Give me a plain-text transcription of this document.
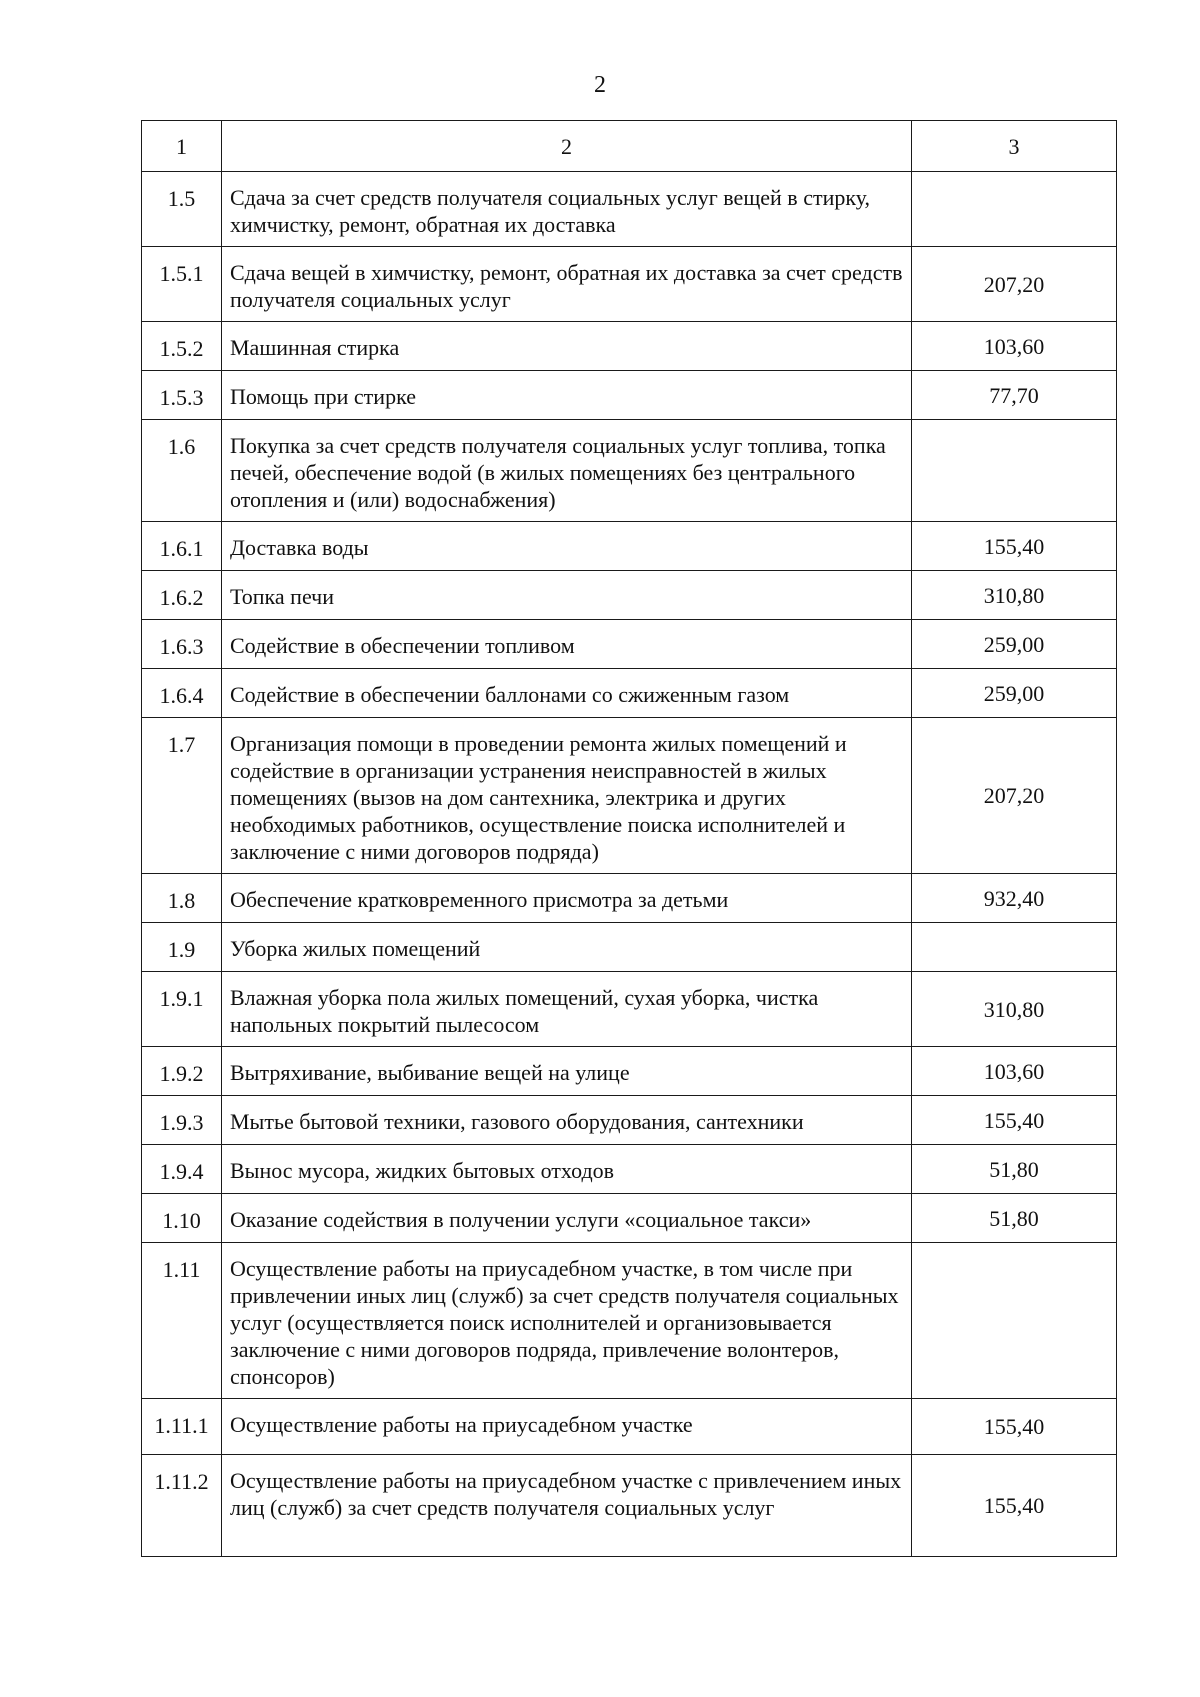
2
1	2	3
1.5	Сдача за счет средств получателя социальных услуг вещей в стирку, химчистку, ремонт, обратная их доставка	
1.5.1	Сдача вещей в химчистку, ремонт, обратная их доставка за счет средств получателя социальных услуг	207,20
1.5.2	Машинная стирка	103,60
1.5.3	Помощь при стирке	77,70
1.6	Покупка за счет средств получателя социальных услуг топлива, топка печей, обеспечение водой (в жилых помещениях без центрального отопления и (или) водоснабжения)	
1.6.1	Доставка воды	155,40
1.6.2	Топка печи	310,80
1.6.3	Содействие в обеспечении топливом	259,00
1.6.4	Содействие в обеспечении баллонами со сжиженным газом	259,00
1.7	Организация помощи в проведении ремонта жилых помещений и содействие в организации устранения неисправностей в жилых помещениях (вызов на дом сантехника, электрика и других необходимых работников, осуществление поиска исполнителей и заключение с ними договоров подряда)	207,20
1.8	Обеспечение кратковременного присмотра за детьми	932,40
1.9	Уборка жилых помещений	
1.9.1	Влажная уборка пола жилых помещений, сухая уборка, чистка напольных покрытий пылесосом	310,80
1.9.2	Вытряхивание, выбивание вещей на улице	103,60
1.9.3	Мытье бытовой техники, газового оборудования, сантехники	155,40
1.9.4	Вынос мусора, жидких бытовых отходов	51,80
1.10	Оказание содействия в получении услуги «социальное такси»	51,80
1.11	Осуществление работы на приусадебном участке, в том числе при привлечении иных лиц (служб) за счет средств получателя социальных услуг (осуществляется поиск исполнителей и организовывается заключение с ними договоров подряда, привлечение волонтеров, спонсоров)	
1.11.1	Осуществление работы на приусадебном участке	155,40
1.11.2	Осуществление работы на приусадебном участке с привлечением иных лиц (служб) за счет средств получателя социальных услуг	155,40
